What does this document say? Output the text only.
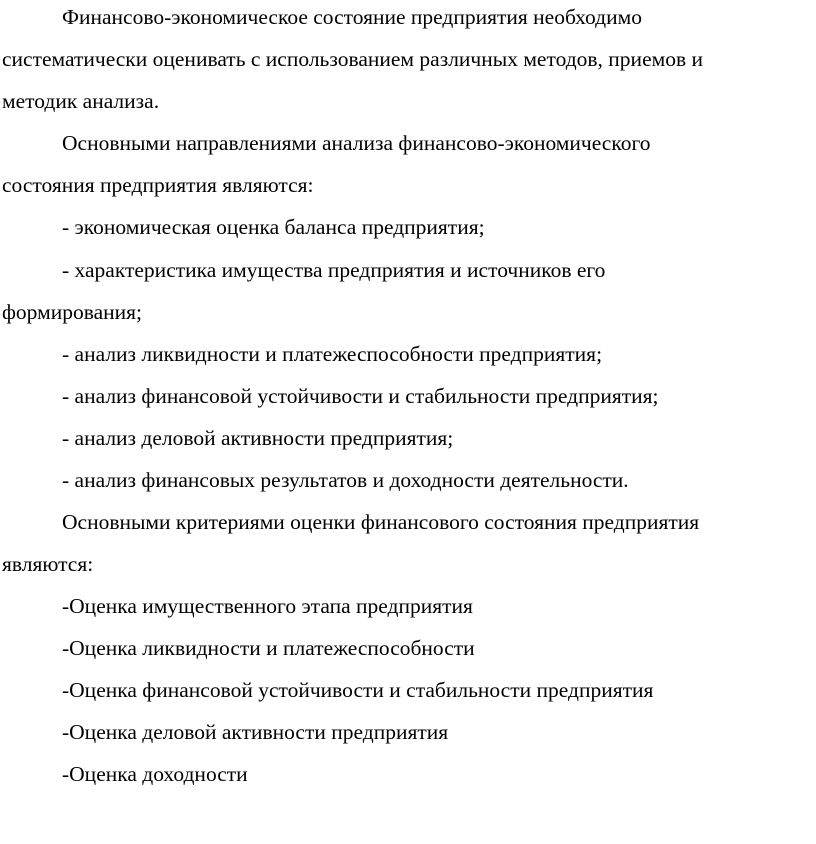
Финансово-экономическое состояние предприятия необходимо
систематически оценивать с использованием различных методов, приемов и
методик анализа.
Основными направлениями анализа финансово-экономического
состояния предприятия являются:
- экономическая оценка баланса предприятия;
- характеристика имущества предприятия и источников его
формирования;
- анализ ликвидности и платежеспособности предприятия;
- анализ финансовой устойчивости и стабильности предприятия;
- анализ деловой активности предприятия;
- анализ финансовых результатов и доходности деятельности.
Основными критериями оценки финансового состояния предприятия
являются:
-Оценка имущественного этапа предприятия
-Оценка ликвидности и платежеспособности
-Оценка финансовой устойчивости и стабильности предприятия
-Оценка деловой активности предприятия
-Оценка доходности
